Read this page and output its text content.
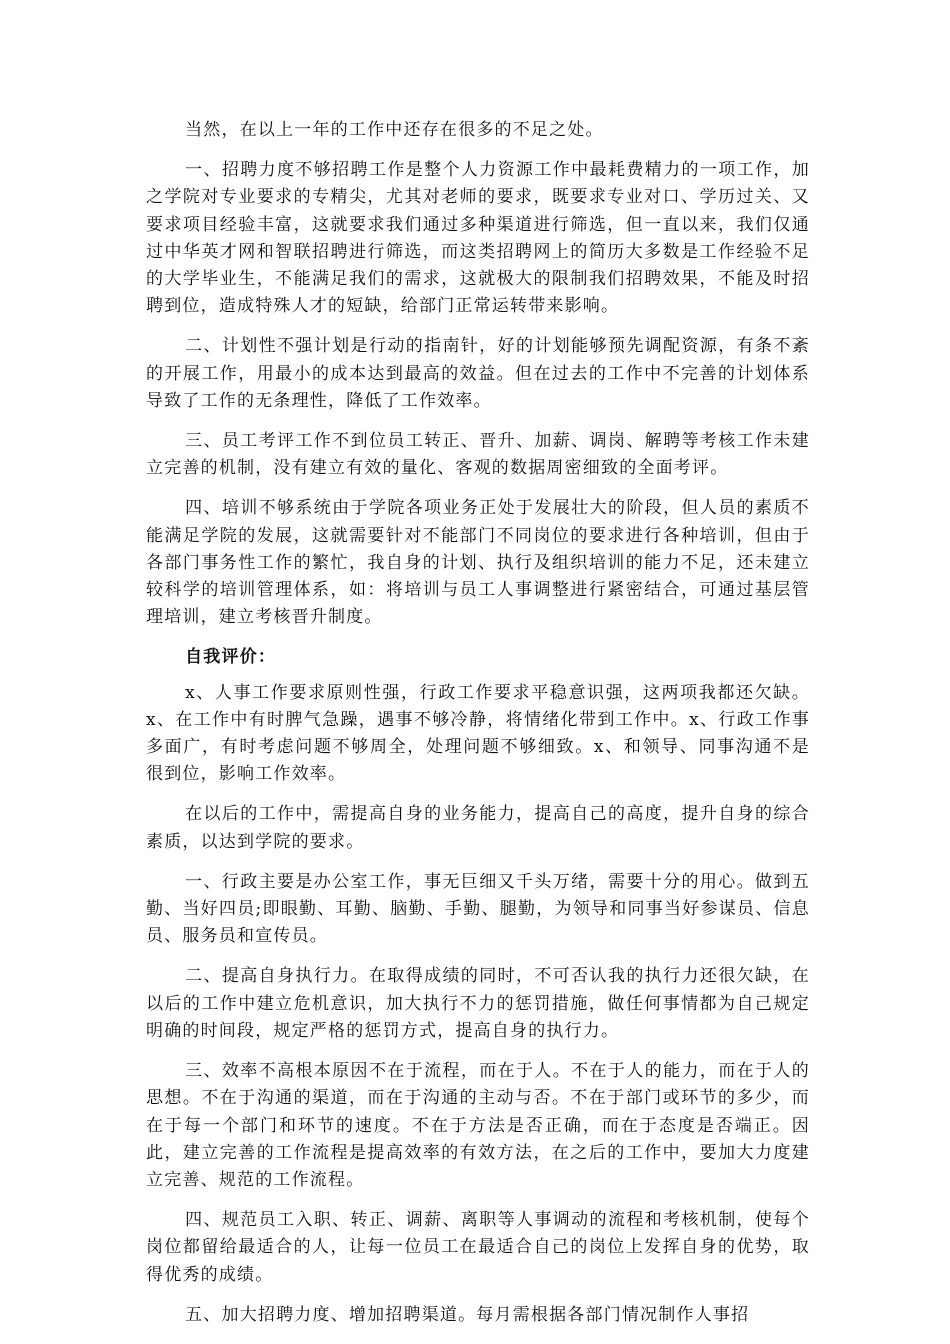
当然，在以上一年的工作中还存在很多的不足之处。

一、招聘力度不够招聘工作是整个人力资源工作中最耗费精力的一项工作，加之学院对专业要求的专精尖，尤其对老师的要求，既要求专业对口、学历过关、又要求项目经验丰富，这就要求我们通过多种渠道进行筛选，但一直以来，我们仅通过中华英才网和智联招聘进行筛选，而这类招聘网上的简历大多数是工作经验不足的大学毕业生，不能满足我们的需求，这就极大的限制我们招聘效果，不能及时招聘到位，造成特殊人才的短缺，给部门正常运转带来影响。

二、计划性不强计划是行动的指南针，好的计划能够预先调配资源，有条不紊的开展工作，用最小的成本达到最高的效益。但在过去的工作中不完善的计划体系导致了工作的无条理性，降低了工作效率。

三、员工考评工作不到位员工转正、晋升、加薪、调岗、解聘等考核工作未建立完善的机制，没有建立有效的量化、客观的数据周密细致的全面考评。

四、培训不够系统由于学院各项业务正处于发展壮大的阶段，但人员的素质不能满足学院的发展，这就需要针对不能部门不同岗位的要求进行各种培训，但由于各部门事务性工作的繁忙，我自身的计划、执行及组织培训的能力不足，还未建立较科学的培训管理体系，如：将培训与员工人事调整进行紧密结合，可通过基层管理培训，建立考核晋升制度。

自我评价：

x、人事工作要求原则性强，行政工作要求平稳意识强，这两项我都还欠缺。x、在工作中有时脾气急躁，遇事不够冷静，将情绪化带到工作中。x、行政工作事多面广，有时考虑问题不够周全，处理问题不够细致。x、和领导、同事沟通不是很到位，影响工作效率。

在以后的工作中，需提高自身的业务能力，提高自己的高度，提升自身的综合素质，以达到学院的要求。

一、行政主要是办公室工作，事无巨细又千头万绪，需要十分的用心。做到五勤、当好四员;即眼勤、耳勤、脑勤、手勤、腿勤，为领导和同事当好参谋员、信息员、服务员和宣传员。

二、提高自身执行力。在取得成绩的同时，不可否认我的执行力还很欠缺，在以后的工作中建立危机意识，加大执行不力的惩罚措施，做任何事情都为自己规定明确的时间段，规定严格的惩罚方式，提高自身的执行力。

三、效率不高根本原因不在于流程，而在于人。不在于人的能力，而在于人的思想。不在于沟通的渠道，而在于沟通的主动与否。不在于部门或环节的多少，而在于每一个部门和环节的速度。不在于方法是否正确，而在于态度是否端正。因此，建立完善的工作流程是提高效率的有效方法，在之后的工作中，要加大力度建立完善、规范的工作流程。

四、规范员工入职、转正、调薪、离职等人事调动的流程和考核机制，使每个岗位都留给最适合的人，让每一位员工在最适合自己的岗位上发挥自身的优势，取得优秀的成绩。

五、加大招聘力度、增加招聘渠道。每月需根据各部门情况制作人事招
